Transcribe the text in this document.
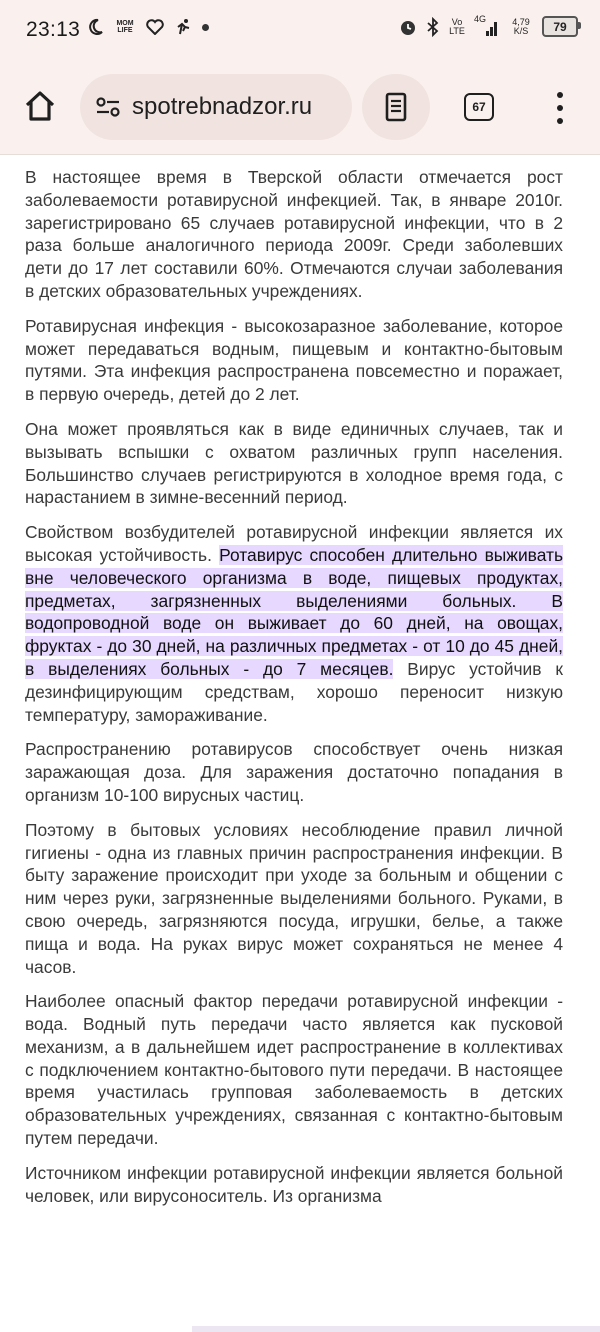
23:13	MOM LIFE
Vo LTE
4G	4,79
K/S 79
spotrebnadzor.ru	67

В настоящее время в Тверской области отмечается рост заболеваемости ротавирусной инфекцией. Так, в январе 2010г. зарегистрировано 65 случаев ротавирусной инфекции, что в 2 раза больше аналогичного периода 2009г. Среди заболевших дети до 17 лет составили 60%. Отмечаются случаи заболевания в детских образовательных учреждениях.

Ротавирусная инфекция - высокозаразное заболевание, которое может передаваться водным, пищевым и контактно-бытовым путями. Эта инфекция распространена повсеместно и поражает, в первую очередь, детей до 2 лет.

Она может проявляться как в виде единичных случаев, так и вызывать вспышки с охватом различных групп населения. Большинство случаев регистрируются в холодное время года, с нарастанием в зимне-весенний период.

Свойством возбудителей ротавирусной инфекции является их высокая устойчивость. Ротавирус способен длительно выживать вне человеческого организма в воде, пищевых продуктах, предметах, загрязненных выделениями больных. В водопроводной воде он выживает до 60 дней, на овощах, фруктах - до 30 дней, на различных предметах - от 10 до 45 дней, в выделениях больных - до 7 месяцев. Вирус устойчив к дезинфицирующим средствам, хорошо переносит низкую температуру, замораживание.

Распространению ротавирусов способствует очень низкая заражающая доза. Для заражения достаточно попадания в организм 10-100 вирусных частиц.

Поэтому в бытовых условиях несоблюдение правил личной гигиены - одна из главных причин распространения инфекции. В быту заражение происходит при уходе за больным и общении с ним через руки, загрязненные выделениями больного. Руками, в свою очередь, загрязняются посуда, игрушки, белье, а также пища и вода. На руках вирус может сохраняться не менее 4 часов.

Наиболее опасный фактор передачи ротавирусной инфекции - вода. Водный путь передачи часто является как пусковой механизм, а в дальнейшем идет распространение в коллективах с подключением контактно-бытового пути передачи. В настоящее время участилась групповая заболеваемость в детских образовательных учреждениях, связанная с контактно-бытовым путем передачи.

Источником инфекции ротавирусной инфекции является больной человек, или вирусоноситель. Из организма
